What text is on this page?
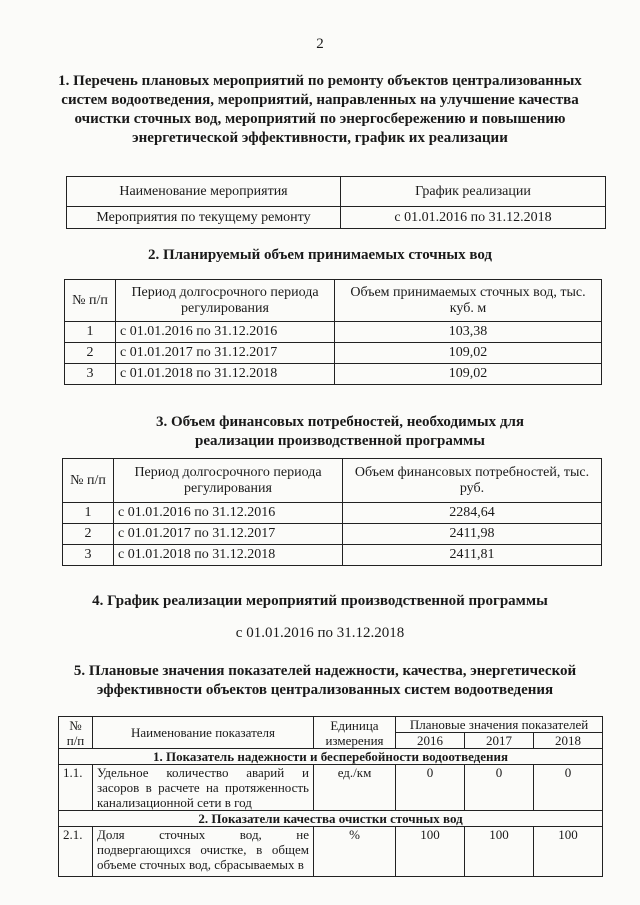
2
1. Перечень плановых мероприятий по ремонту объектов централизованных систем водоотведения, мероприятий, направленных на улучшение качества очистки сточных вод, мероприятий по энергосбережению и повышению энергетической эффективности, график их реализации
Наименование мероприятия	График реализации
Мероприятия по текущему ремонту	с 01.01.2016 по 31.12.2018
2. Планируемый объем принимаемых сточных вод
№ п/п	Период долгосрочного периода регулирования	Объем принимаемых сточных вод, тыс. куб. м
1	с 01.01.2016 по 31.12.2016	103,38
2	с 01.01.2017 по 31.12.2017	109,02
3	с 01.01.2018 по 31.12.2018	109,02
3. Объем финансовых потребностей, необходимых для реализации производственной программы
№ п/п	Период долгосрочного периода регулирования	Объем финансовых потребностей, тыс. руб.
1	с 01.01.2016 по 31.12.2016	2284,64
2	с 01.01.2017 по 31.12.2017	2411,98
3	с 01.01.2018 по 31.12.2018	2411,81
4. График реализации мероприятий производственной программы
с 01.01.2016 по 31.12.2018
5. Плановые значения показателей надежности, качества, энергетической эффективности объектов централизованных систем водоотведения
№ п/п	Наименование показателя	Единица измерения	Плановые значения показателей		
			2016	2017	2018
1. Показатель надежности и бесперебойности водоотведения					
1.1.	Удельное количество аварий и засоров в расчете на протяженность канализационной сети в год	ед./км	0	0	0
2. Показатели качества очистки сточных вод					
2.1.	Доля сточных вод, не подвергающихся очистке, в общем объеме сточных вод, сбрасываемых в	%	100	100	100
